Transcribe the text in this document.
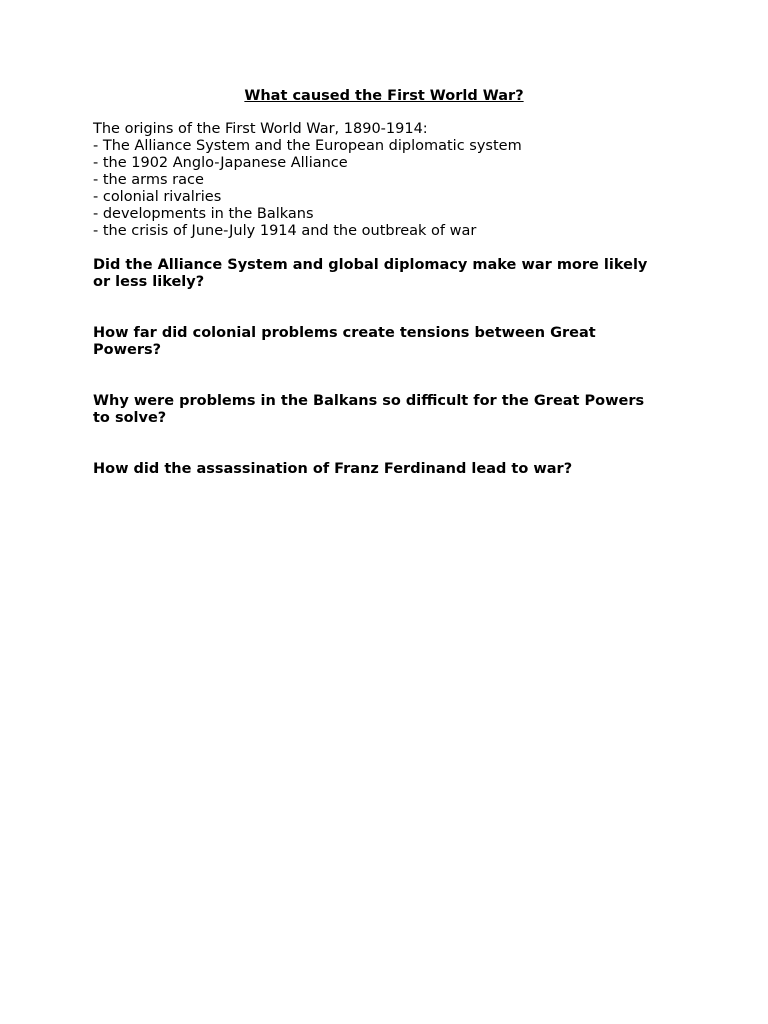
What caused the First World War?

The origins of the First World War, 1890-1914:

- The Alliance System and the European diplomatic system
- the 1902 Anglo-Japanese Alliance
- the arms race
- colonial rivalries
- developments in the Balkans
- the crisis of June-July 1914 and the outbreak of war

Did the Alliance System and global diplomacy make war more likely or less likely?

How far did colonial problems create tensions between Great Powers?

Why were problems in the Balkans so difficult for the Great Powers to solve?

How did the assassination of Franz Ferdinand lead to war?
